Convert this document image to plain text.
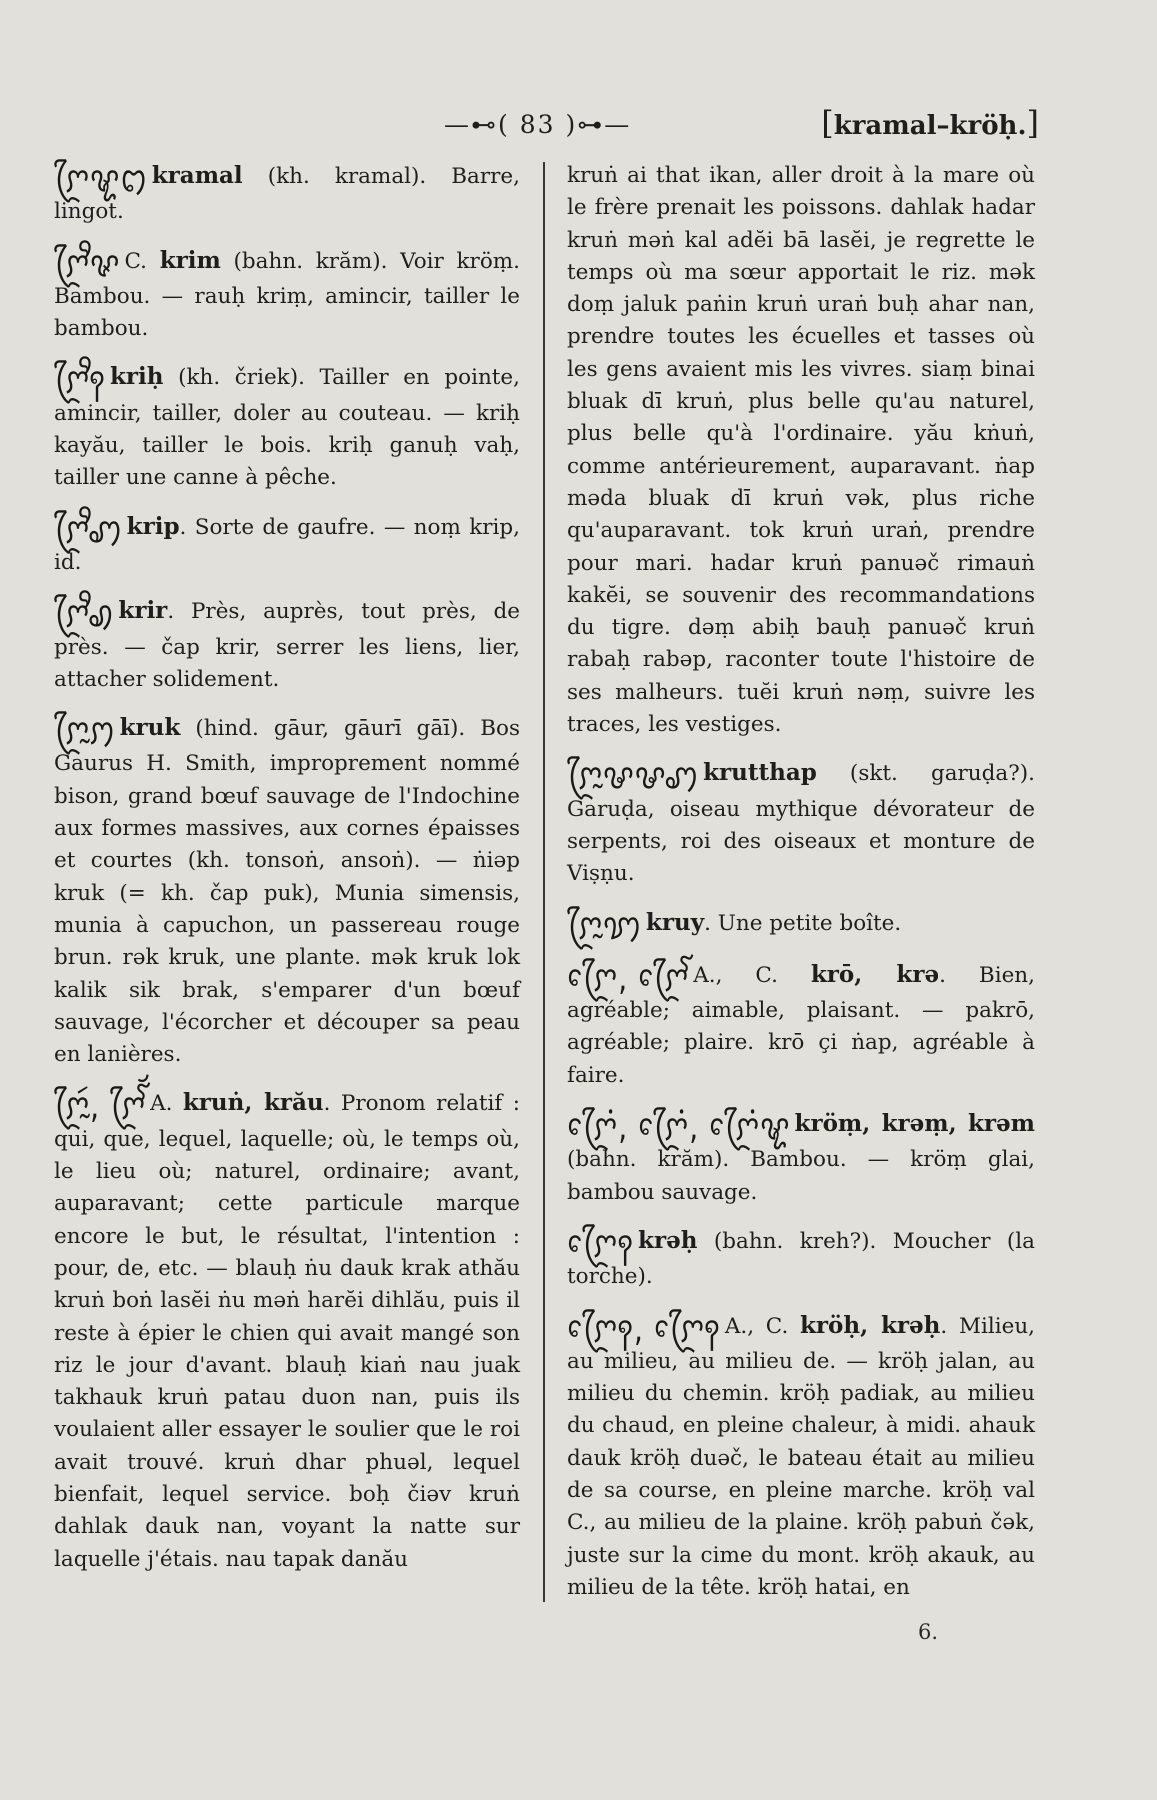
—⊷( 83 )⊶—	[kramal–kröḥ.]
ꨆꨴꨠꩊ kramal (kh. kramal). Barre, lingot.
ꨆꨴꨪꨟ C. krim (bahn. krăm). Voir kröṃ. Bambou. — rauḥ kriṃ, amincir, tailler le bambou.
ꨆꨴꨪꩍ kriḥ (kh. čriek). Tailler en pointe, amincir, tailler, doler au couteau. — kriḥ kayău, tailler le bois. kriḥ ganuḥ vaḥ, tailler une canne à pêche.
ꨆꨴꨪꩇ krip. Sorte de gaufre. — noṃ krip, id.
ꨆꨴꨪꩉ krir. Près, auprès, tout près, de près. — čap krir, serrer les liens, lier, attacher solidement.
ꨆꨴꨭꩀ kruk (hind. gāur, gāurī gāī). Bos Gaurus H. Smith, improprement nommé bison, grand bœuf sauvage de l'Indochine aux formes massives, aux cornes épaisses et courtes (kh. tonsoṅ, ansoṅ). — ṅiǝp kruk (= kh. čap puk), Munia simensis, munia à capuchon, un passereau rouge brun. rǝk kruk, une plante. mǝk kruk lok kalik sik brak, s'emparer d'un bœuf sauvage, l'écorcher et découper sa peau en lanières.
ꨆꨴꨭꩃ, ꨆꨴꨮꨱ A. kruṅ, krău. Pronom relatif : qui, que, lequel, laquelle; où, le temps où, le lieu où; naturel, ordinaire; avant, auparavant; cette particule marque encore le but, le résultat, l'intention : pour, de, etc. — blauḥ ṅu dauk krak athău kruṅ boṅ lasĕi ṅu mǝṅ harĕi dihlău, puis il reste à épier le chien qui avait mangé son riz le jour d'avant. blauḥ kiaṅ nau juak takhauk kruṅ patau duon nan, puis ils voulaient aller essayer le soulier que le roi avait trouvé. kruṅ dhar phuǝl, lequel bienfait, lequel service. boḥ čiǝv kruṅ dahlak dauk nan, voyant la natte sur laquelle j'étais. nau tapak danău
kruṅ ai that ikan, aller droit à la mare où le frère prenait les poissons. dahlak hadar kruṅ mǝṅ kal adĕi bā lasĕi, je regrette le temps où ma sœur apportait le riz. mǝk doṃ jaluk paṅin kruṅ uraṅ buḥ ahar nan, prendre toutes les écuelles et tasses où les gens avaient mis les vivres. siaṃ binai bluak dī kruṅ, plus belle qu'au naturel, plus belle qu'à l'ordinaire. yău kṅuṅ, comme antérieurement, auparavant. ṅap mǝda bluak dī kruṅ vǝk, plus riche qu'auparavant. tok kruṅ uraṅ, prendre pour mari. hadar kruṅ panuǝč rimauṅ kakĕi, se souvenir des recommandations du tigre. dǝṃ abiḥ bauḥ panuǝč kruṅ rabaḥ rabǝp, raconter toute l'histoire de ses malheurs. tuĕi kruṅ nǝṃ, suivre les traces, les vestiges.
ꨆꨴꨭꨔꨔꩇ krutthap (skt. garuḍa?). Garuḍa, oiseau mythique dévorateur de serpents, roi des oiseaux et monture de Viṣṇu.
ꨆꨴꨭꩈ kruy. Une petite boîte.
ꨆꨴꨯ, ꨆꨴꨯꨱ A., C. krō, krǝ. Bien, agréable; aimable, plaisant. — pakrō, agréable; plaire. krō çi ṅap, agréable à faire.
ꨆꨴꨯꩌ, ꨆꨴꨯꩌ, ꨆꨴꨯꩌꨠ kröṃ, krǝṃ, krǝm (bahn. krăm). Bambou. — kröṃ glai, bambou sauvage.
ꨆꨴꨯꩍ krǝḥ (bahn. kreh?). Moucher (la torche).
ꨆꨴꨯꩍ, ꨆꨴꨯꩍ A., C. kröḥ, krǝḥ. Milieu, au milieu, au milieu de. — kröḥ jalan, au milieu du chemin. kröḥ padiak, au milieu du chaud, en pleine chaleur, à midi. ahauk dauk kröḥ duǝč, le bateau était au milieu de sa course, en pleine marche. kröḥ val C., au milieu de la plaine. kröḥ pabuṅ čǝk, juste sur la cime du mont. kröḥ akauk, au milieu de la tête. kröḥ hatai, en
6.
